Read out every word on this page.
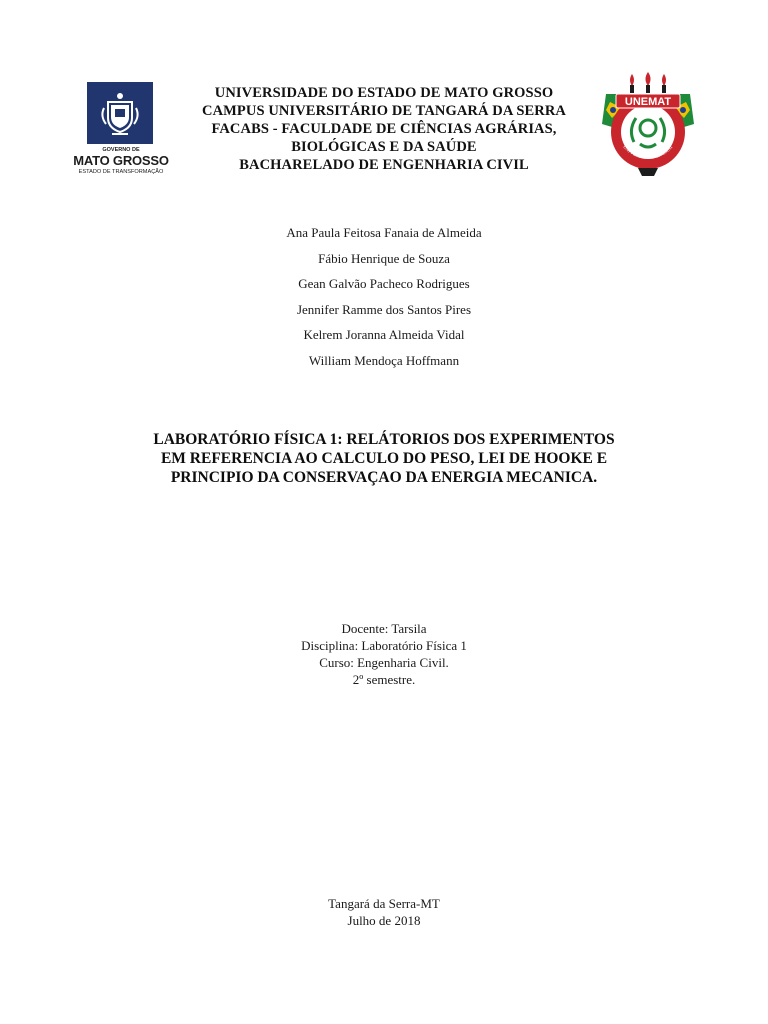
GOVERNO DE
MATO GROSSO
ESTADO DE TRANSFORMAÇÃO
UNIVERSIDADE DO ESTADO DE MATO GROSSO
CAMPUS UNIVERSITÁRIO DE TANGARÁ DA SERRA
FACABS - FACULDADE DE CIÊNCIAS AGRÁRIAS,
BIOLÓGICAS E DA SAÚDE
BACHARELADO DE ENGENHARIA CIVIL
UNEMAT
UNIVERSITATE UNEMAT
Ana Paula Feitosa Fanaia de Almeida
Fábio Henrique de Souza
Gean Galvão Pacheco Rodrigues
Jennifer Ramme dos Santos Pires
Kelrem Joranna Almeida Vidal
William Mendoça Hoffmann
LABORATÓRIO FÍSICA 1: RELÁTORIOS DOS EXPERIMENTOS
EM REFERENCIA AO CALCULO DO PESO, LEI DE HOOKE E
PRINCIPIO DA CONSERVAÇAO DA ENERGIA MECANICA.
Docente: Tarsila
Disciplina: Laboratório Física 1
Curso: Engenharia Civil.
2º semestre.
Tangará da Serra-MT
Julho de 2018
